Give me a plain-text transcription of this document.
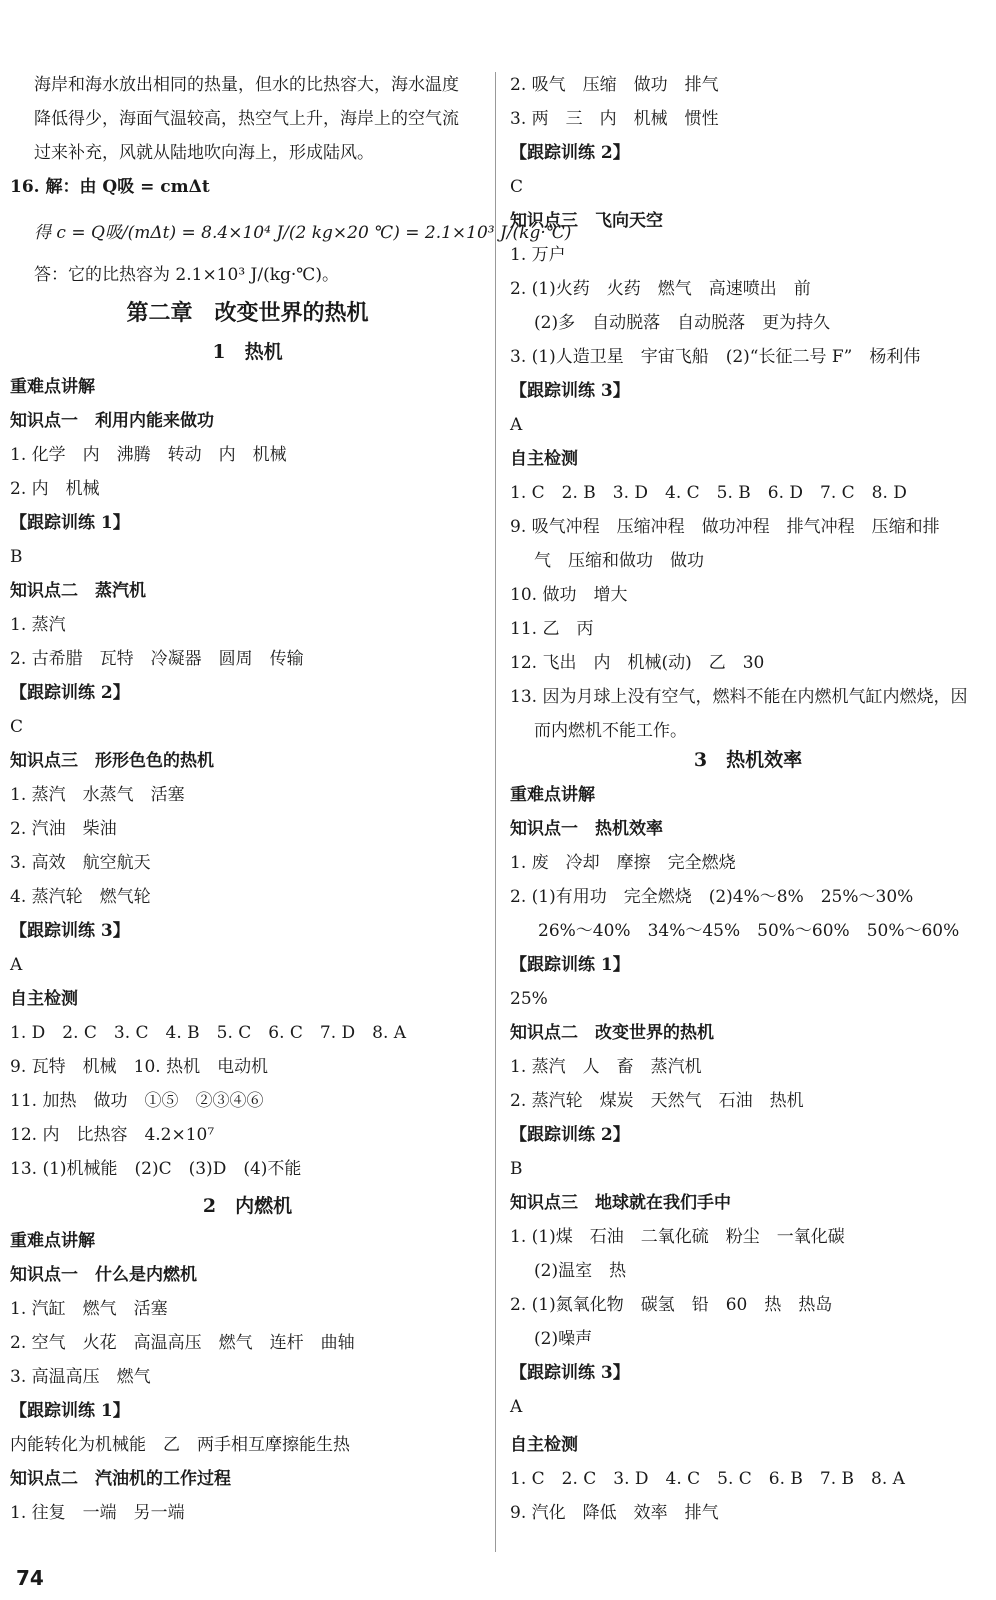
海岸和海水放出相同的热量，但水的比热容大，海水温度
降低得少，海面气温较高，热空气上升，海岸上的空气流
过来补充，风就从陆地吹向海上，形成陆风。
16. 解：由 Q吸 = cmΔt
得 c = Q吸/(mΔt) = 8.4×10⁴ J/(2 kg×20 ℃) = 2.1×10³ J/(kg·℃)
答：它的比热容为 2.1×10³ J/(kg·℃)。
第二章　改变世界的热机
1　热机
重难点讲解
知识点一　利用内能来做功
1. 化学　内　沸腾　转动　内　机械
2. 内　机械
【跟踪训练 1】
B
知识点二　蒸汽机
1. 蒸汽
2. 古希腊　瓦特　冷凝器　圆周　传输
【跟踪训练 2】
C
知识点三　形形色色的热机
1. 蒸汽　水蒸气　活塞
2. 汽油　柴油
3. 高效　航空航天
4. 蒸汽轮　燃气轮
【跟踪训练 3】
A
自主检测
1. D　2. C　3. C　4. B　5. C　6. C　7. D　8. A
9. 瓦特　机械　10. 热机　电动机
11. 加热　做功　①⑤　②③④⑥
12. 内　比热容　4.2×10⁷
13. (1)机械能　(2)C　(3)D　(4)不能
2　内燃机
重难点讲解
知识点一　什么是内燃机
1. 汽缸　燃气　活塞
2. 空气　火花　高温高压　燃气　连杆　曲轴
3. 高温高压　燃气
【跟踪训练 1】
内能转化为机械能　乙　两手相互摩擦能生热
知识点二　汽油机的工作过程
1. 往复　一端　另一端
2. 吸气　压缩　做功　排气
3. 两　三　内　机械　惯性
【跟踪训练 2】
C
知识点三　飞向天空
1. 万户
2. (1)火药　火药　燃气　高速喷出　前
(2)多　自动脱落　自动脱落　更为持久
3. (1)人造卫星　宇宙飞船　(2)“长征二号 F”　杨利伟
【跟踪训练 3】
A
自主检测
1. C　2. B　3. D　4. C　5. B　6. D　7. C　8. D
9. 吸气冲程　压缩冲程　做功冲程　排气冲程　压缩和排
气　压缩和做功　做功
10. 做功　增大
11. 乙　丙
12. 飞出　内　机械(动)　乙　30
13. 因为月球上没有空气，燃料不能在内燃机气缸内燃烧，因
而内燃机不能工作。
3　热机效率
重难点讲解
知识点一　热机效率
1. 废　冷却　摩擦　完全燃烧
2. (1)有用功　完全燃烧　(2)4%～8%　25%～30%
26%～40%　34%～45%　50%～60%　50%～60%
【跟踪训练 1】
25%
知识点二　改变世界的热机
1. 蒸汽　人　畜　蒸汽机
2. 蒸汽轮　煤炭　天然气　石油　热机
【跟踪训练 2】
B
知识点三　地球就在我们手中
1. (1)煤　石油　二氧化硫　粉尘　一氧化碳
(2)温室　热
2. (1)氮氧化物　碳氢　铅　60　热　热岛
(2)噪声
【跟踪训练 3】
A
自主检测
1. C　2. C　3. D　4. C　5. C　6. B　7. B　8. A
9. 汽化　降低　效率　排气
74
